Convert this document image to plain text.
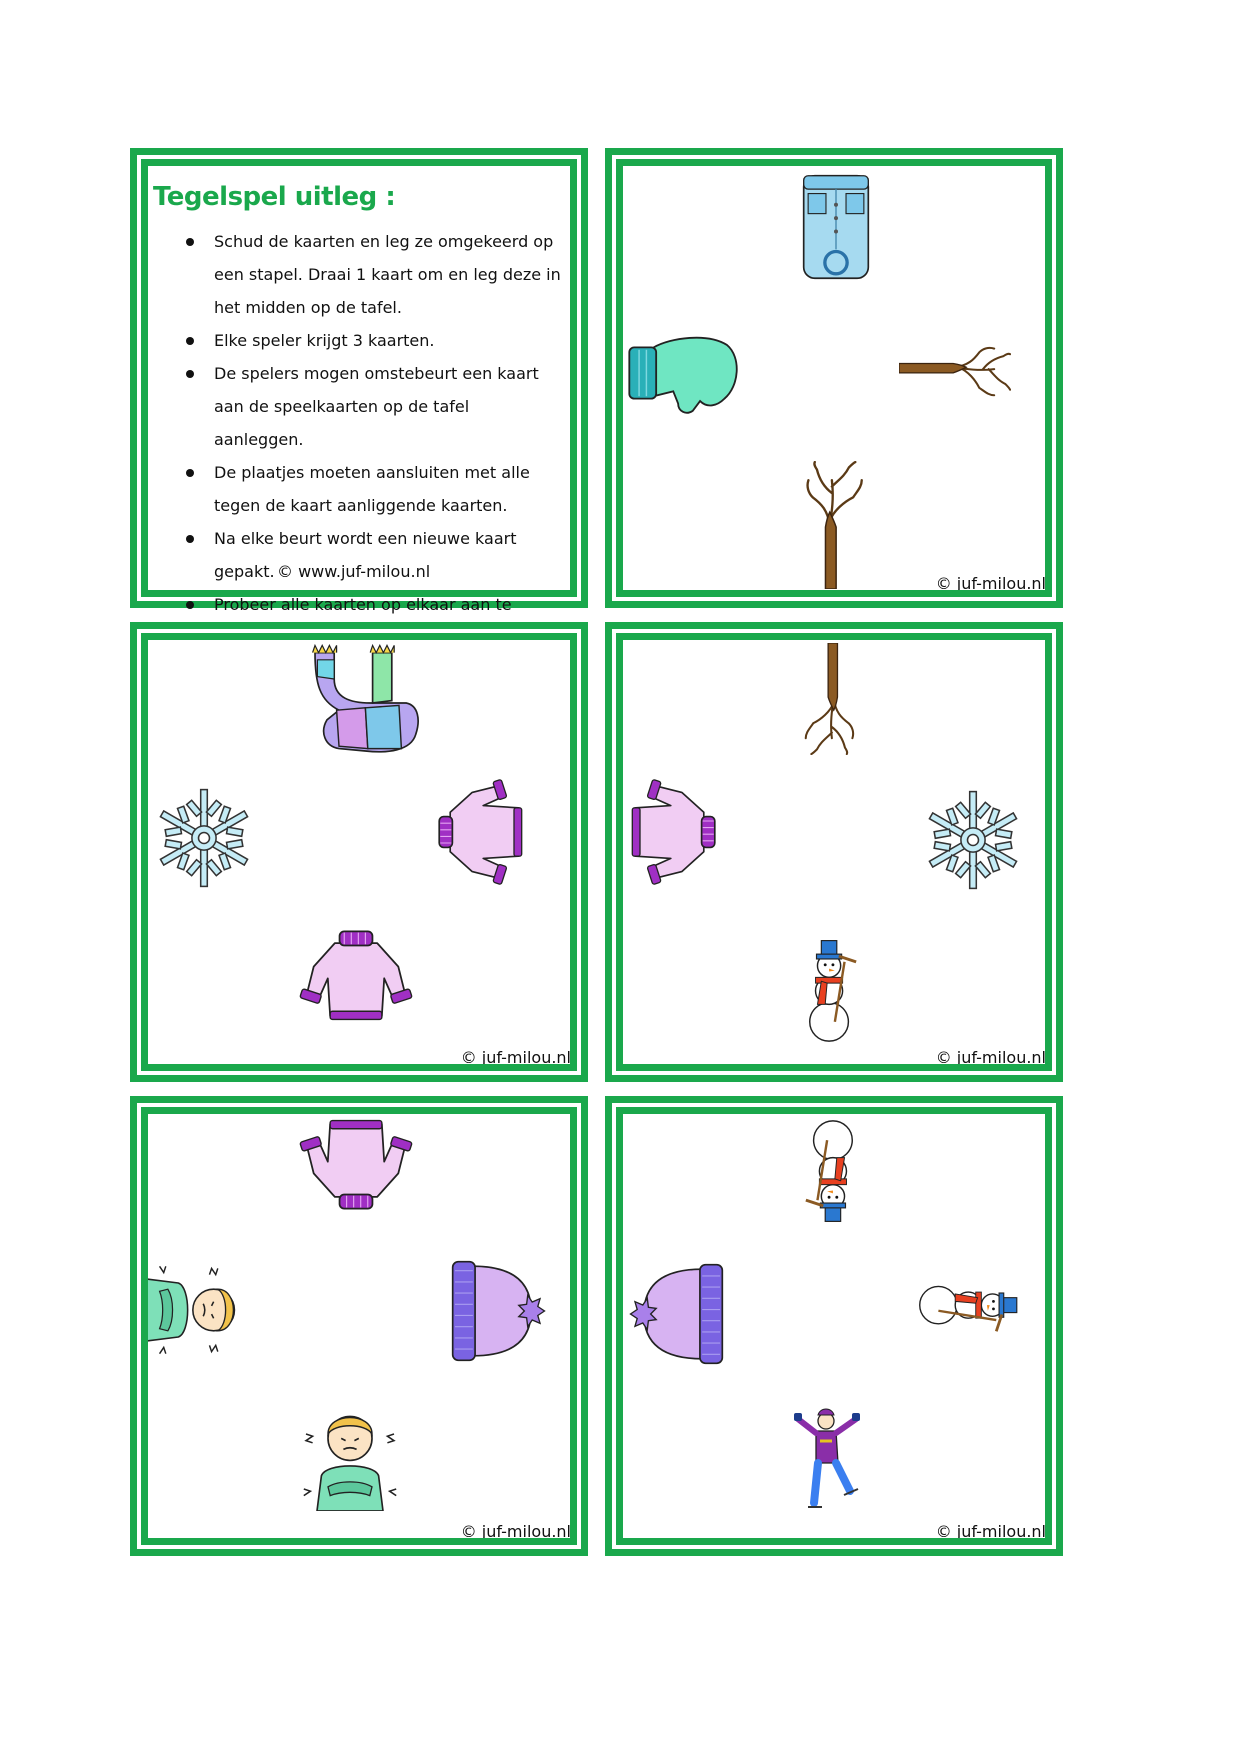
Tegelspel uitleg :
Schud de kaarten en leg ze omgekeerd op een stapel. Draai 1 kaart om en leg deze in het midden op de tafel.
Elke speler krijgt 3 kaarten.
De spelers mogen omstebeurt een kaart aan de speelkaarten op de tafel aanleggen.
De plaatjes moeten aansluiten met alle tegen de kaart aanliggende kaarten.
Na elke beurt wordt een nieuwe kaart gepakt.
Probeer alle kaarten op elkaar aan te

© www.juf-milou.nl

© juf-milou.nl

© juf-milou.nl	© juf-milou.nl

© juf-milou.nl	© juf-milou.nl
